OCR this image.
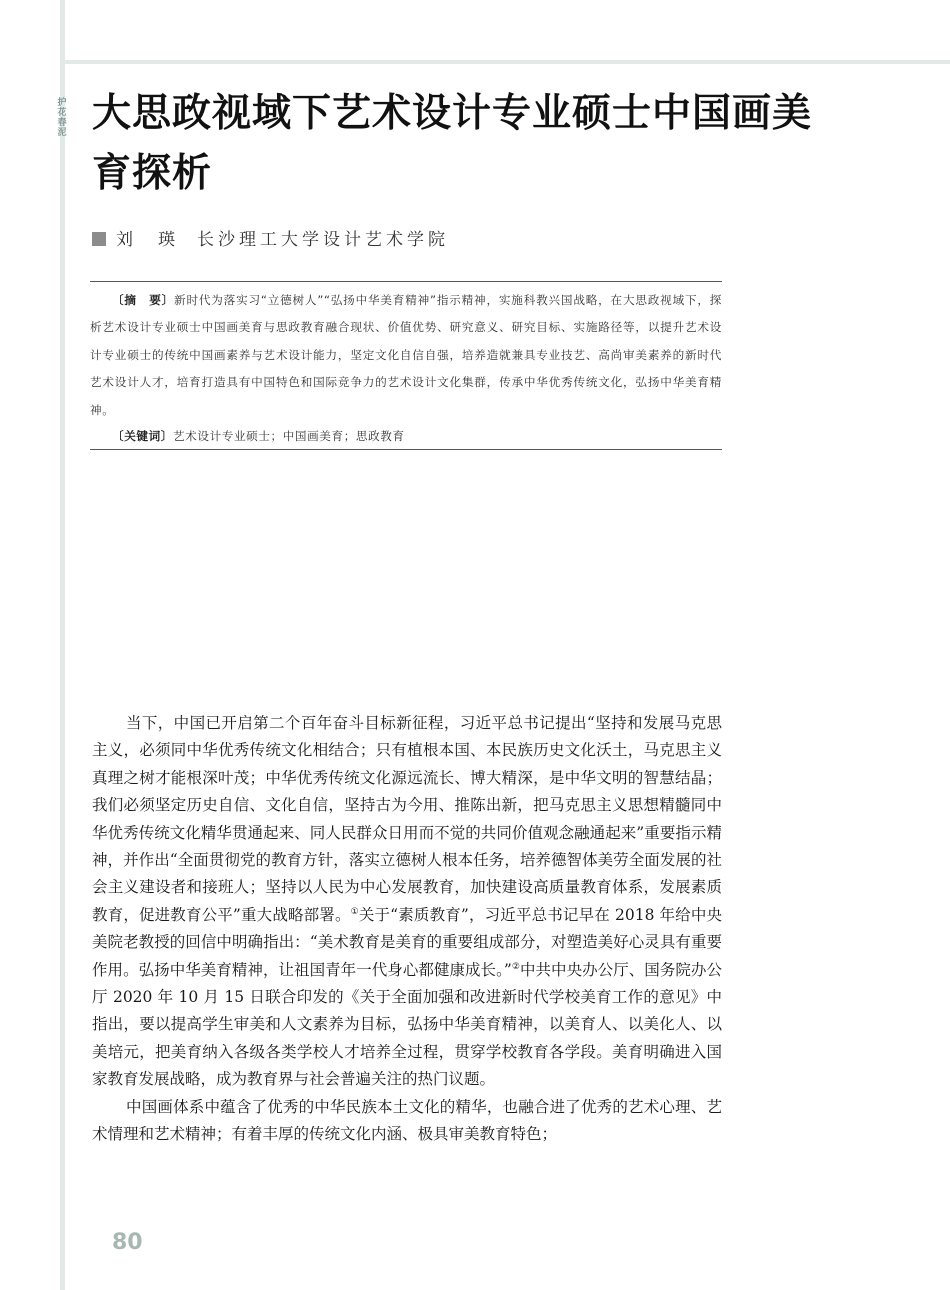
护花春泥 大思政视域下艺术设计专业硕士中国画美育探析
刘　瑛 长沙理工大学设计艺术学院

〔摘　要〕新时代为落实习“立德树人”“弘扬中华美育精神”指示精神，实施科教兴国战略，在大思政视域下，探析艺术设计专业硕士中国画美育与思政教育融合现状、价值优势、研究意义、研究目标、实施路径等，以提升艺术设计专业硕士的传统中国画素养与艺术设计能力，坚定文化自信自强，培养造就兼具专业技艺、高尚审美素养的新时代艺术设计人才，培育打造具有中国特色和国际竞争力的艺术设计文化集群，传承中华优秀传统文化，弘扬中华美育精神。

〔关键词〕艺术设计专业硕士；中国画美育；思政教育

当下，中国已开启第二个百年奋斗目标新征程，习近平总书记提出“坚持和发展马克思主义，必须同中华优秀传统文化相结合；只有植根本国、本民族历史文化沃土，马克思主义真理之树才能根深叶茂；中华优秀传统文化源远流长、博大精深，是中华文明的智慧结晶；我们必须坚定历史自信、文化自信，坚持古为今用、推陈出新，把马克思主义思想精髓同中华优秀传统文化精华贯通起来、同人民群众日用而不觉的共同价值观念融通起来”重要指示精神，并作出“全面贯彻党的教育方针，落实立德树人根本任务，培养德智体美劳全面发展的社会主义建设者和接班人；坚持以人民为中心发展教育，加快建设高质量教育体系，发展素质教育，促进教育公平”重大战略部署。①关于“素质教育”，习近平总书记早在 2018 年给中央美院老教授的回信中明确指出：“美术教育是美育的重要组成部分，对塑造美好心灵具有重要作用。弘扬中华美育精神，让祖国青年一代身心都健康成长。”②中共中央办公厅、国务院办公厅 2020 年 10 月 15 日联合印发的《关于全面加强和改进新时代学校美育工作的意见》中指出，要以提高学生审美和人文素养为目标，弘扬中华美育精神，以美育人、以美化人、以美培元，把美育纳入各级各类学校人才培养全过程，贯穿学校教育各学段。美育明确进入国家教育发展战略，成为教育界与社会普遍关注的热门议题。

中国画体系中蕴含了优秀的中华民族本土文化的精华，也融合进了优秀的艺术心理、艺术情理和艺术精神；有着丰厚的传统文化内涵、极具审美教育特色；

80
